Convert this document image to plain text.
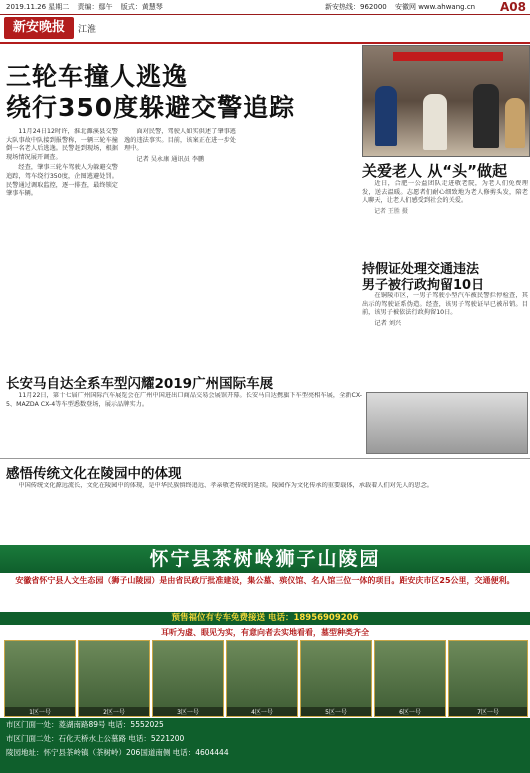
2019.11.26 星期二 责编：鄢午 版式：黄慧琴	新安热线：962000 安徽网 www.ahwang.cn	A08
新安晚报	江淮
三轮车撞人逃逸
绕行350度躲避交警追踪

11月24日12时许，淮北濉溪县交警大队事故中队接到报警称，一辆三轮车撞倒一名老人后逃逸。民警赶到现场，根据现场情况展开调查。

经查，肇事三轮车驾驶人为躲避交警追踪，驾车绕行350度，企图逃避处罚。民警通过调取监控，逐一排查，最终锁定肇事车辆。

面对民警，驾驶人如实供述了肇事逃逸的违法事实。目前，该案正在进一步处理中。

记者 吴永康 通讯员 李鹏

关爱老人 从“头”做起

近日，合肥一公益团队走进敬老院，为老人们免费理发，送去温暖。志愿者们耐心细致地为老人修剪头发，陪老人聊天，让老人们感受到社会的关爱。

记者 王胜 摄

持假证处理交通违法
男子被行政拘留10日

在铜陵市区，一男子驾驶小型汽车被民警拦停检查，其出示的驾驶证系伪造。经查，该男子驾驶证早已被吊销。目前，该男子被依法行政拘留10日。

记者 刘兴

长安马自达全系车型闪耀2019广州国际车展

11月22日，第十七届广州国际汽车展览会在广州中国进出口商品交易会展馆开幕。长安马自达携旗下车型亮相车展，全新CX-5、MAZDA CX-4等车型悉数登场，展示品牌实力。

感悟传统文化在陵园中的体现

中国传统文化源远流长，文化在陵园中的体现，是中华民族慎终追远、孝亲敬老传统的延续。陵园作为文化传承的重要载体，承载着人们对先人的思念。

怀宁县茶树岭狮子山陵园
安徽省怀宁县人文生态园（狮子山陵园）是由省民政厅批准建设，集公墓、殡仪馆、名人馆三位一体的项目。距安庆市区25公里，交通便利。
预售福位有专车免费接送 电话：18956909206
耳听为虚、眼见为实，有意向者去实地看看，墓型种类齐全
1区一号	2区一号	3区一号	4区一号	5区一号	6区一号	7区一号
市区门面一处：菱湖南路89号 电话：5552025
市区门面二处：石化天桥水上公墓路 电话：5221200
陵园地址：怀宁县茶岭镇（茶树岭）206国道南侧 电话：4604444
